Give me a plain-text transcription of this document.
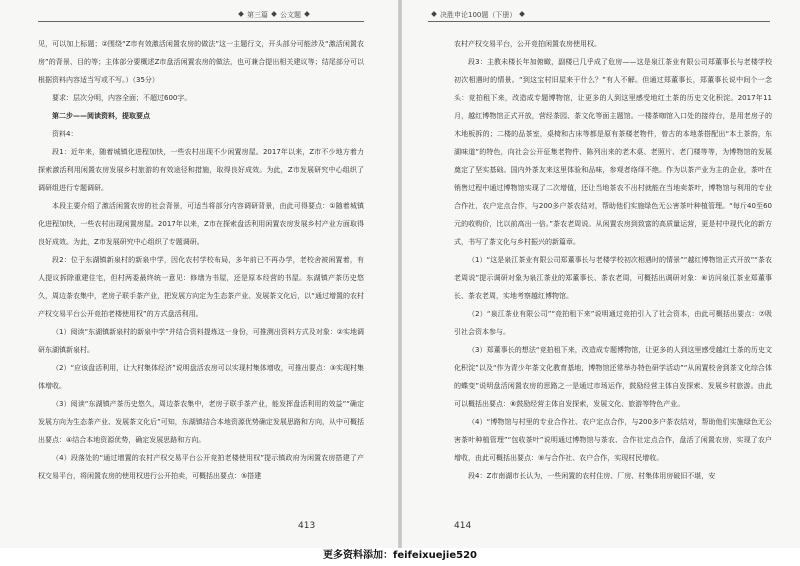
第三篇 公文题

见，可以加上标题；②围绕“Z市有效激活闲置农房的做法”这一主题行文，开头部分可能涉及“激活闲置农房”的背景、目的等；主体部分要概述Z市盘活闲置农房的做法，也可兼合提出相关建议等；结尾部分可以根据资料内容适当写或不写。）（35分）

要求：层次分明，内容全面；不超过600字。

第二步——阅读资料，提取要点

资料4：

段1：近年来，随着城镇化进程加快，一些农村出现不少闲置房屋。2017年以来，Z市不少地方着力探索激活利用闲置农房发展乡村旅游的有效途径和措施，取得良好成效。为此，Z市发展研究中心组织了调研组进行专题调研。

本段主要介绍了激活闲置农房的社会背景，可适当将部分内容调研背景，由此可得要点：①随着城镇化进程加快，一些农村出现闲置房屋。2017年以来，Z市在探索盘活利用闲置农房发展乡村产业方面取得良好成效。为此，Z市发展研究中心组织了专题调研。

段2：位于东湖镇新泉村的新泉中学，因化农村学校布局，多年前已不再办学，老校舍被闲置着，有人提议拆除重建住宅，但村两委最终统一意见：修缮为书屋，还是原本经营的书屋。东湖镇产茶历史悠久，周边茶农集中，老房子联手茶产业，把发展方向定为生态茶产业、发展茶文化后，以“通过增置的农村产权交易平台公开竞拍老楼使用权”的方式盘活利用。

（1）阅读“东湖镇新泉村的新泉中学”并结合资料提炼这一身份，可推测出资料方式及对象：②实地调研东湖镇新泉村。

（2）“应该盘活利用，让大村集体经济”说明盘活农房可以实现村集体增收，可推出要点：③实现村集体增收。

（3）阅读“东湖镇产茶历史悠久，周边茶农集中，老房子联手茶产业，能发挥盘活利用的效益”“确定发展方向为生态茶产业、发展茶文化后”可知，东湖镇结合本地资源优势确定发展思路和方向，从中可概括出要点：④结合本地资源优势，确定发展思路和方向。

（4）段落处的“通过增置的农村产权交易平台公开竞拍老楼使用权”提示镇政府为闲置农房搭建了产权交易平台，将闲置农房的使用权进行公开拍卖，可概括出要点：⑤搭建

413
决胜申论100题（下册）

农村产权交易平台，公开竞拍闲置农房使用权。

段3：主教未楼长年加俯瞰，副楼已几乎成了危房——这是泉江茶业有限公司郑董事长与老楼学校初次相遇时的情景。“到这宝村旧屋来干什么？”有人不解。但通过郑董事长，郑董事长说中间个一念头：竞拍租下来，改造成专题博物馆，让更多的人到这里感受地红土茶的历史文化积淀。2017年11月，越红博物馆正式开放，营经茶园、茶文化等面主题馆。一楼茶咖馆入口处的接待台，是用老房子的木地板拆的；二楼的品茶室，桌椅和古床等都是原有茶楼老物件，曾古的本地茶搭配出“本土茶韵，东湖味道”的特色，向社会公开征集老物件、陈列出来的老木桌、老照片、老门楼等等，为博物馆的发展奠定了坚实基础。国内外茶友来这里体验和品味，参观者络绎不绝。作为以茶产业为主的企业，茶叶在销售过程中通过博物馆实现了二次增值，还让当地茶农不出村就能在当地卖茶叶，博物馆与利用的专业合作社，农户定点合作，与200多户茶农结对，帮助他们实施绿色无公害茶叶种植管理。“每斤40至60元的收购价，比以前高出一倍。”茶农老周说。从闲置农房到致富的高质量运营，更是村中现代化的新方式，书写了茶文化与乡村振兴的新篇章。

（1）“这是泉江茶业有限公司郑董事长与老楼学校初次相遇时的情景”“越红博物馆正式开放”“茶农老周说”提示调研对象为泉江茶业的郑董事长、茶农老周，可概括出调研对象：⑥访问泉江茶业郑董事长、茶农老周，实地考察越红博物馆。

（2）“泉江茶业有限公司”“竞拍租下来”说明通过竞拍引入了社会资本，由此可概括出要点：⑦吸引社会资本参与。

（3）郑董事长的想法“竞拍租下来，改造成专题博物馆，让更多的人到这里感受越红土茶的历史文化积淀”以及“作为青少年茶文化教育基地，博物馆还常举办特色研学活动”“从闲置校舍到茶文化综合体的蝶变”说明盘活闲置农房的思路之一是通过市场运作，鼓励经营主体自发探索、发展乡村旅游。由此可以概括出要点：⑧鼓励经营主体自发探索，发展文化、旅游等特色产业。

（4）“博物馆与村里的专业合作社、农户定点合作，与200多户茶农结对，帮助他们实施绿色无公害茶叶种植管理”“包收茶叶”说明通过博物馆与茶农、合作社定点合作，盘活了闲置农房，实现了农户增收，由此可概括出要点：⑨与合作社、农户合作，实现村民增收。

段4：Z市南湖市长认为，一些闲置的农村住房、厂房、村集体用房破旧不堪，安

414
更多资料添加：feifeixuejie520
